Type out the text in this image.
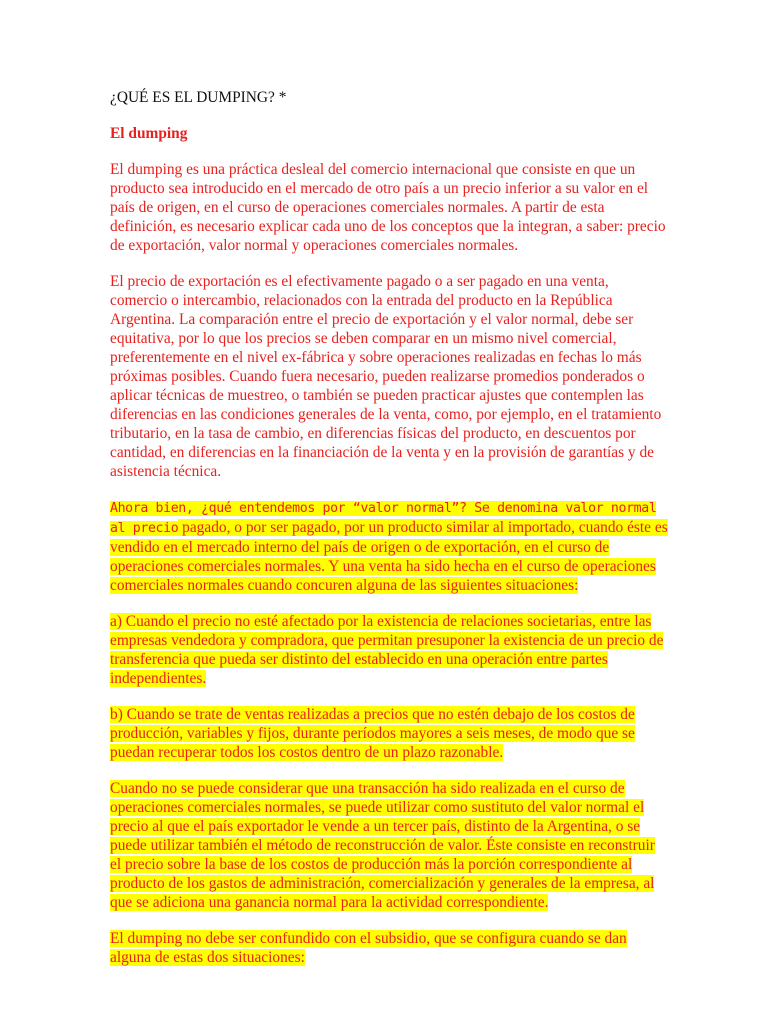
¿QUÉ ES EL DUMPING? *
El dumping

El dumping es una práctica desleal del comercio internacional que consiste en que un producto sea introducido en el mercado de otro país a un precio inferior a su valor en el país de origen, en el curso de operaciones comerciales normales. A partir de esta definición, es necesario explicar cada uno de los conceptos que la integran, a saber: precio de exportación, valor normal y operaciones comerciales normales.

El precio de exportación es el efectivamente pagado o a ser pagado en una venta, comercio o intercambio, relacionados con la entrada del producto en la República Argentina. La comparación entre el precio de exportación y el valor normal, debe ser equitativa, por lo que los precios se deben comparar en un mismo nivel comercial, preferentemente en el nivel ex-fábrica y sobre operaciones realizadas en fechas lo más próximas posibles. Cuando fuera necesario, pueden realizarse promedios ponderados o aplicar técnicas de muestreo, o también se pueden practicar ajustes que contemplen las diferencias en las condiciones generales de la venta, como, por ejemplo, en el tratamiento tributario, en la tasa de cambio, en diferencias físicas del producto, en descuentos por cantidad, en diferencias en la financiación de la venta y en la provisión de garantías y de asistencia técnica.

Ahora bien, ¿qué entendemos por “valor normal”? Se denomina valor normal al precio pagado, o por ser pagado, por un producto similar al importado, cuando éste es vendido en el mercado interno del país de origen o de exportación, en el curso de operaciones comerciales normales. Y una venta ha sido hecha en el curso de operaciones comerciales normales cuando concuren alguna de las siguientes situaciones:

a) Cuando el precio no esté afectado por la existencia de relaciones societarias, entre las empresas vendedora y compradora, que permitan presuponer la existencia de un precio de transferencia que pueda ser distinto del establecido en una operación entre partes independientes.

b) Cuando se trate de ventas realizadas a precios que no estén debajo de los costos de producción, variables y fijos, durante períodos mayores a seis meses, de modo que se puedan recuperar todos los costos dentro de un plazo razonable.

Cuando no se puede considerar que una transacción ha sido realizada en el curso de operaciones comerciales normales, se puede utilizar como sustituto del valor normal el precio al que el país exportador le vende a un tercer país, distinto de la Argentina, o se puede utilizar también el método de reconstrucción de valor. Éste consiste en reconstruir el precio sobre la base de los costos de producción más la porción correspondiente al producto de los gastos de administración, comercialización y generales de la empresa, al que se adiciona una ganancia normal para la actividad correspondiente.

El dumping no debe ser confundido con el subsidio, que se configura cuando se dan alguna de estas dos situaciones:
